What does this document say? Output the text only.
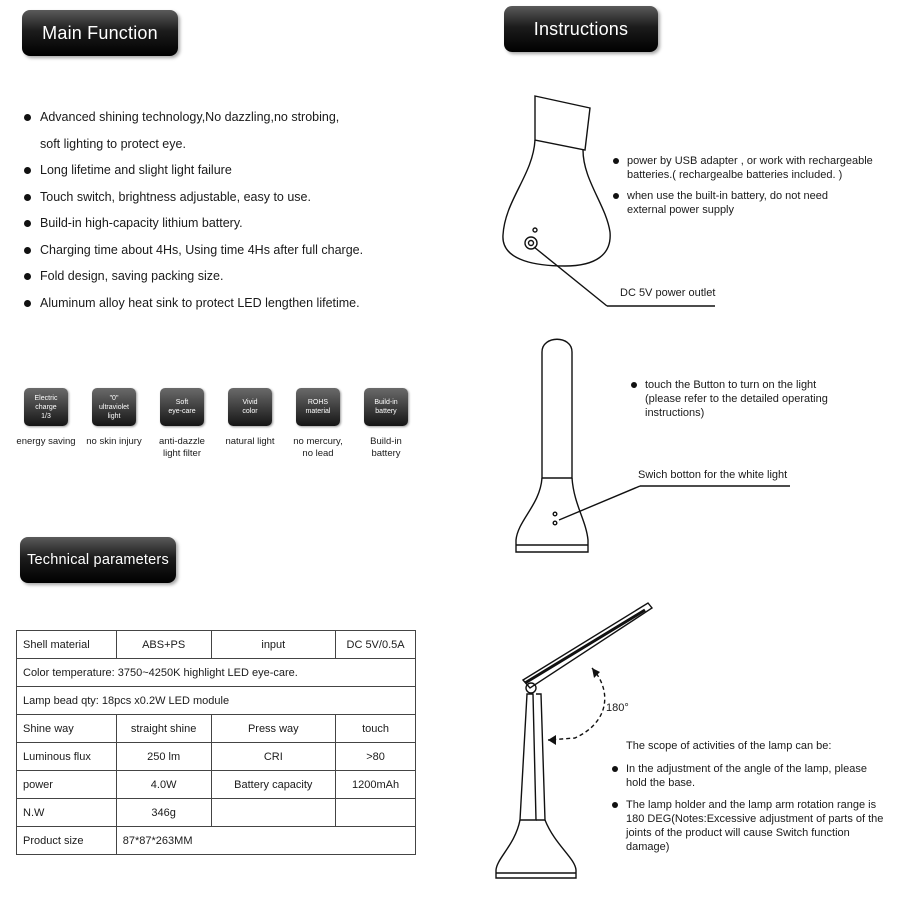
Main Function	Instructions
Technical parameters
Advanced shining technology,No dazzling,no strobing,
soft lighting to protect eye.
Long lifetime and slight light failure
Touch switch, brightness adjustable, easy to use.
Build-in high-capacity lithium battery.
Charging time about 4Hs, Using time 4Hs after full charge.
Fold design, saving packing size.
Aluminum alloy heat sink to protect LED lengthen lifetime.
Electric
charge
1/3
energy saving
"0"
ultraviolet
light
no skin injury
Soft
eye-care
anti-dazzle
light filter
Vivid
color
natural light
ROHS
material
no mercury,
no lead
Build-in
battery
Build-in
battery
Shell material	ABS+PS	input	DC 5V/0.5A
Color temperature: 3750~4250K highlight LED eye-care.			
Lamp bead qty: 18pcs x0.2W LED module			
Shine way	straight shine	Press way	touch
Luminous flux	250 lm	CRI	>80
power	4.0W	Battery capacity	1200mAh
N.W	346g		
Product size	87*87*263MM		
power by USB adapter , or work with rechargeable batteries.( rechargealbe batteries included. )
when use the built-in battery, do not need external power supply
DC 5V power outlet
touch the Button to turn on the light (please refer to the detailed operating instructions)
Swich botton for the white light
180°
The scope of activities of the lamp can be:
In the adjustment of the angle of the lamp, please hold the base.
The lamp holder and the lamp arm rotation range is 180 DEG(Notes:Excessive adjustment of parts of the joints of the product will cause Switch function damage)
